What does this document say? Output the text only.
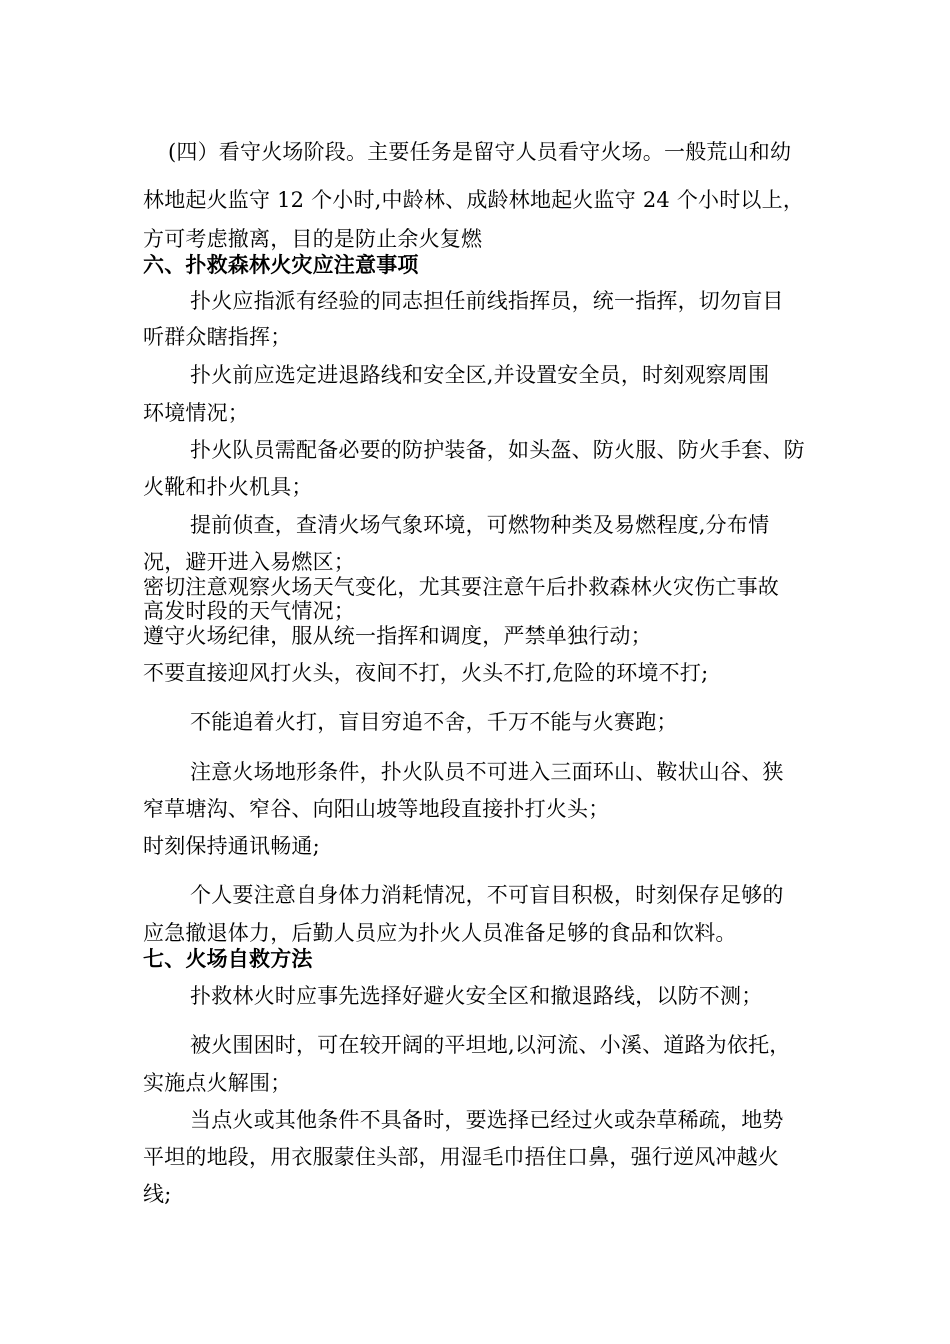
(四）看守火场阶段。主要任务是留守人员看守火场。一般荒山和幼
林地起火监守 12 个小时,中龄林、成龄林地起火监守 24 个小时以上，
方可考虑撤离，目的是防止余火复燃
六、扑救森林火灾应注意事项
扑火应指派有经验的同志担任前线指挥员，统一指挥，切勿盲目
听群众瞎指挥；
扑火前应选定进退路线和安全区,并设置安全员，时刻观察周围
环境情况；
扑火队员需配备必要的防护装备，如头盔、防火服、防火手套、防
火靴和扑火机具；
提前侦查，查清火场气象环境，可燃物种类及易燃程度,分布情
况，避开进入易燃区；
密切注意观察火场天气变化，尤其要注意午后扑救森林火灾伤亡事故
高发时段的天气情况；
遵守火场纪律，服从统一指挥和调度，严禁单独行动；
不要直接迎风打火头，夜间不打，火头不打,危险的环境不打;
不能追着火打，盲目穷追不舍，千万不能与火赛跑；
注意火场地形条件，扑火队员不可进入三面环山、鞍状山谷、狭
窄草塘沟、窄谷、向阳山坡等地段直接扑打火头；
时刻保持通讯畅通;
个人要注意自身体力消耗情况，不可盲目积极，时刻保存足够的
应急撤退体力，后勤人员应为扑火人员准备足够的食品和饮料。
七、火场自救方法
扑救林火时应事先选择好避火安全区和撤退路线，以防不测；
被火围困时，可在较开阔的平坦地,以河流、小溪、道路为依托，
实施点火解围；
当点火或其他条件不具备时，要选择已经过火或杂草稀疏，地势
平坦的地段，用衣服蒙住头部，用湿毛巾捂住口鼻，强行逆风冲越火
线;
